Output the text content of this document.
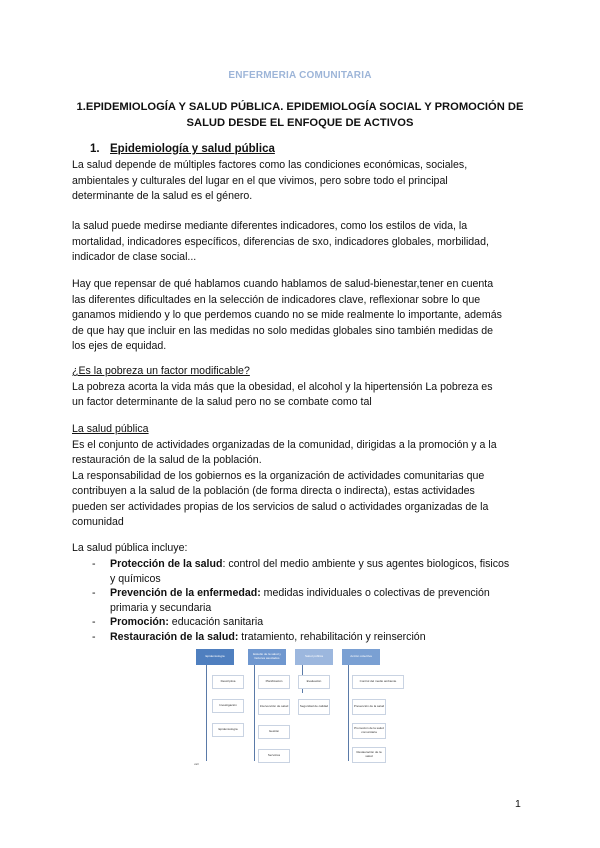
ENFERMERIA COMUNITARIA
1.EPIDEMIOLOGÍA Y SALUD PÚBLICA. EPIDEMIOLOGÍA SOCIAL Y PROMOCIÓN DE
SALUD DESDE EL ENFOQUE DE ACTIVOS
1. Epidemiología y salud pública
La salud depende de múltiples factores como las condiciones económicas, sociales,
ambientales y culturales del lugar en el que vivimos, pero sobre todo el principal
determinante de la salud es el género.
la salud puede medirse mediante diferentes indicadores, como los estilos de vida, la
mortalidad, indicadores específicos, diferencias de sxo, indicadores globales, morbilidad,
indicador de clase social...
Hay que repensar de qué hablamos cuando hablamos de salud-bienestar,tener en cuenta
las diferentes dificultades en la selección de indicadores clave, reflexionar sobre lo que
ganamos midiendo y lo que perdemos cuando no se mide realmente lo importante, además
de que hay que incluir en las medidas no solo medidas globales sino también medidas de
los ejes de equidad.
¿Es la pobreza un factor modificable?
La pobreza acorta la vida más que la obesidad, el alcohol y la hipertensión La pobreza es
un factor determinante de la salud pero no se combate como tal
La salud pública
Es el conjunto de actividades organizadas de la comunidad, dirigidas a la promoción y a la
restauración de la salud de la población.
La responsabilidad de los gobiernos es la organización de actividades comunitarias que
contribuyen a la salud de la población (de forma directa o indirecta), estas actividades
pueden ser actividades propias de los servicios de salud o actividades organizadas de la
comunidad
La salud pública incluye:
- Protección de la salud: control del medio ambiente y sus agentes biologicos, fisicos
y químicos
- Prevención de la enfermedad: medidas individuales o colectivas de prevención
primaria y secundaria
- Promoción: educación sanitaria
- Restauración de la salud: tratamiento, rehabilitación y reinserción
Epidemiología	Estudio de la salud y factores asociados	Salud pública	Acción colectiva
Descriptiva
Investigación
Epidemiología
Planificación
Intervención de salud
Gestión
Servicios
Evaluación
Seguridad de calidad
Control del medio ambiente
Prevención de la salud
Promoción de la salud comunitaria
Restauración de la salud
vall
1
